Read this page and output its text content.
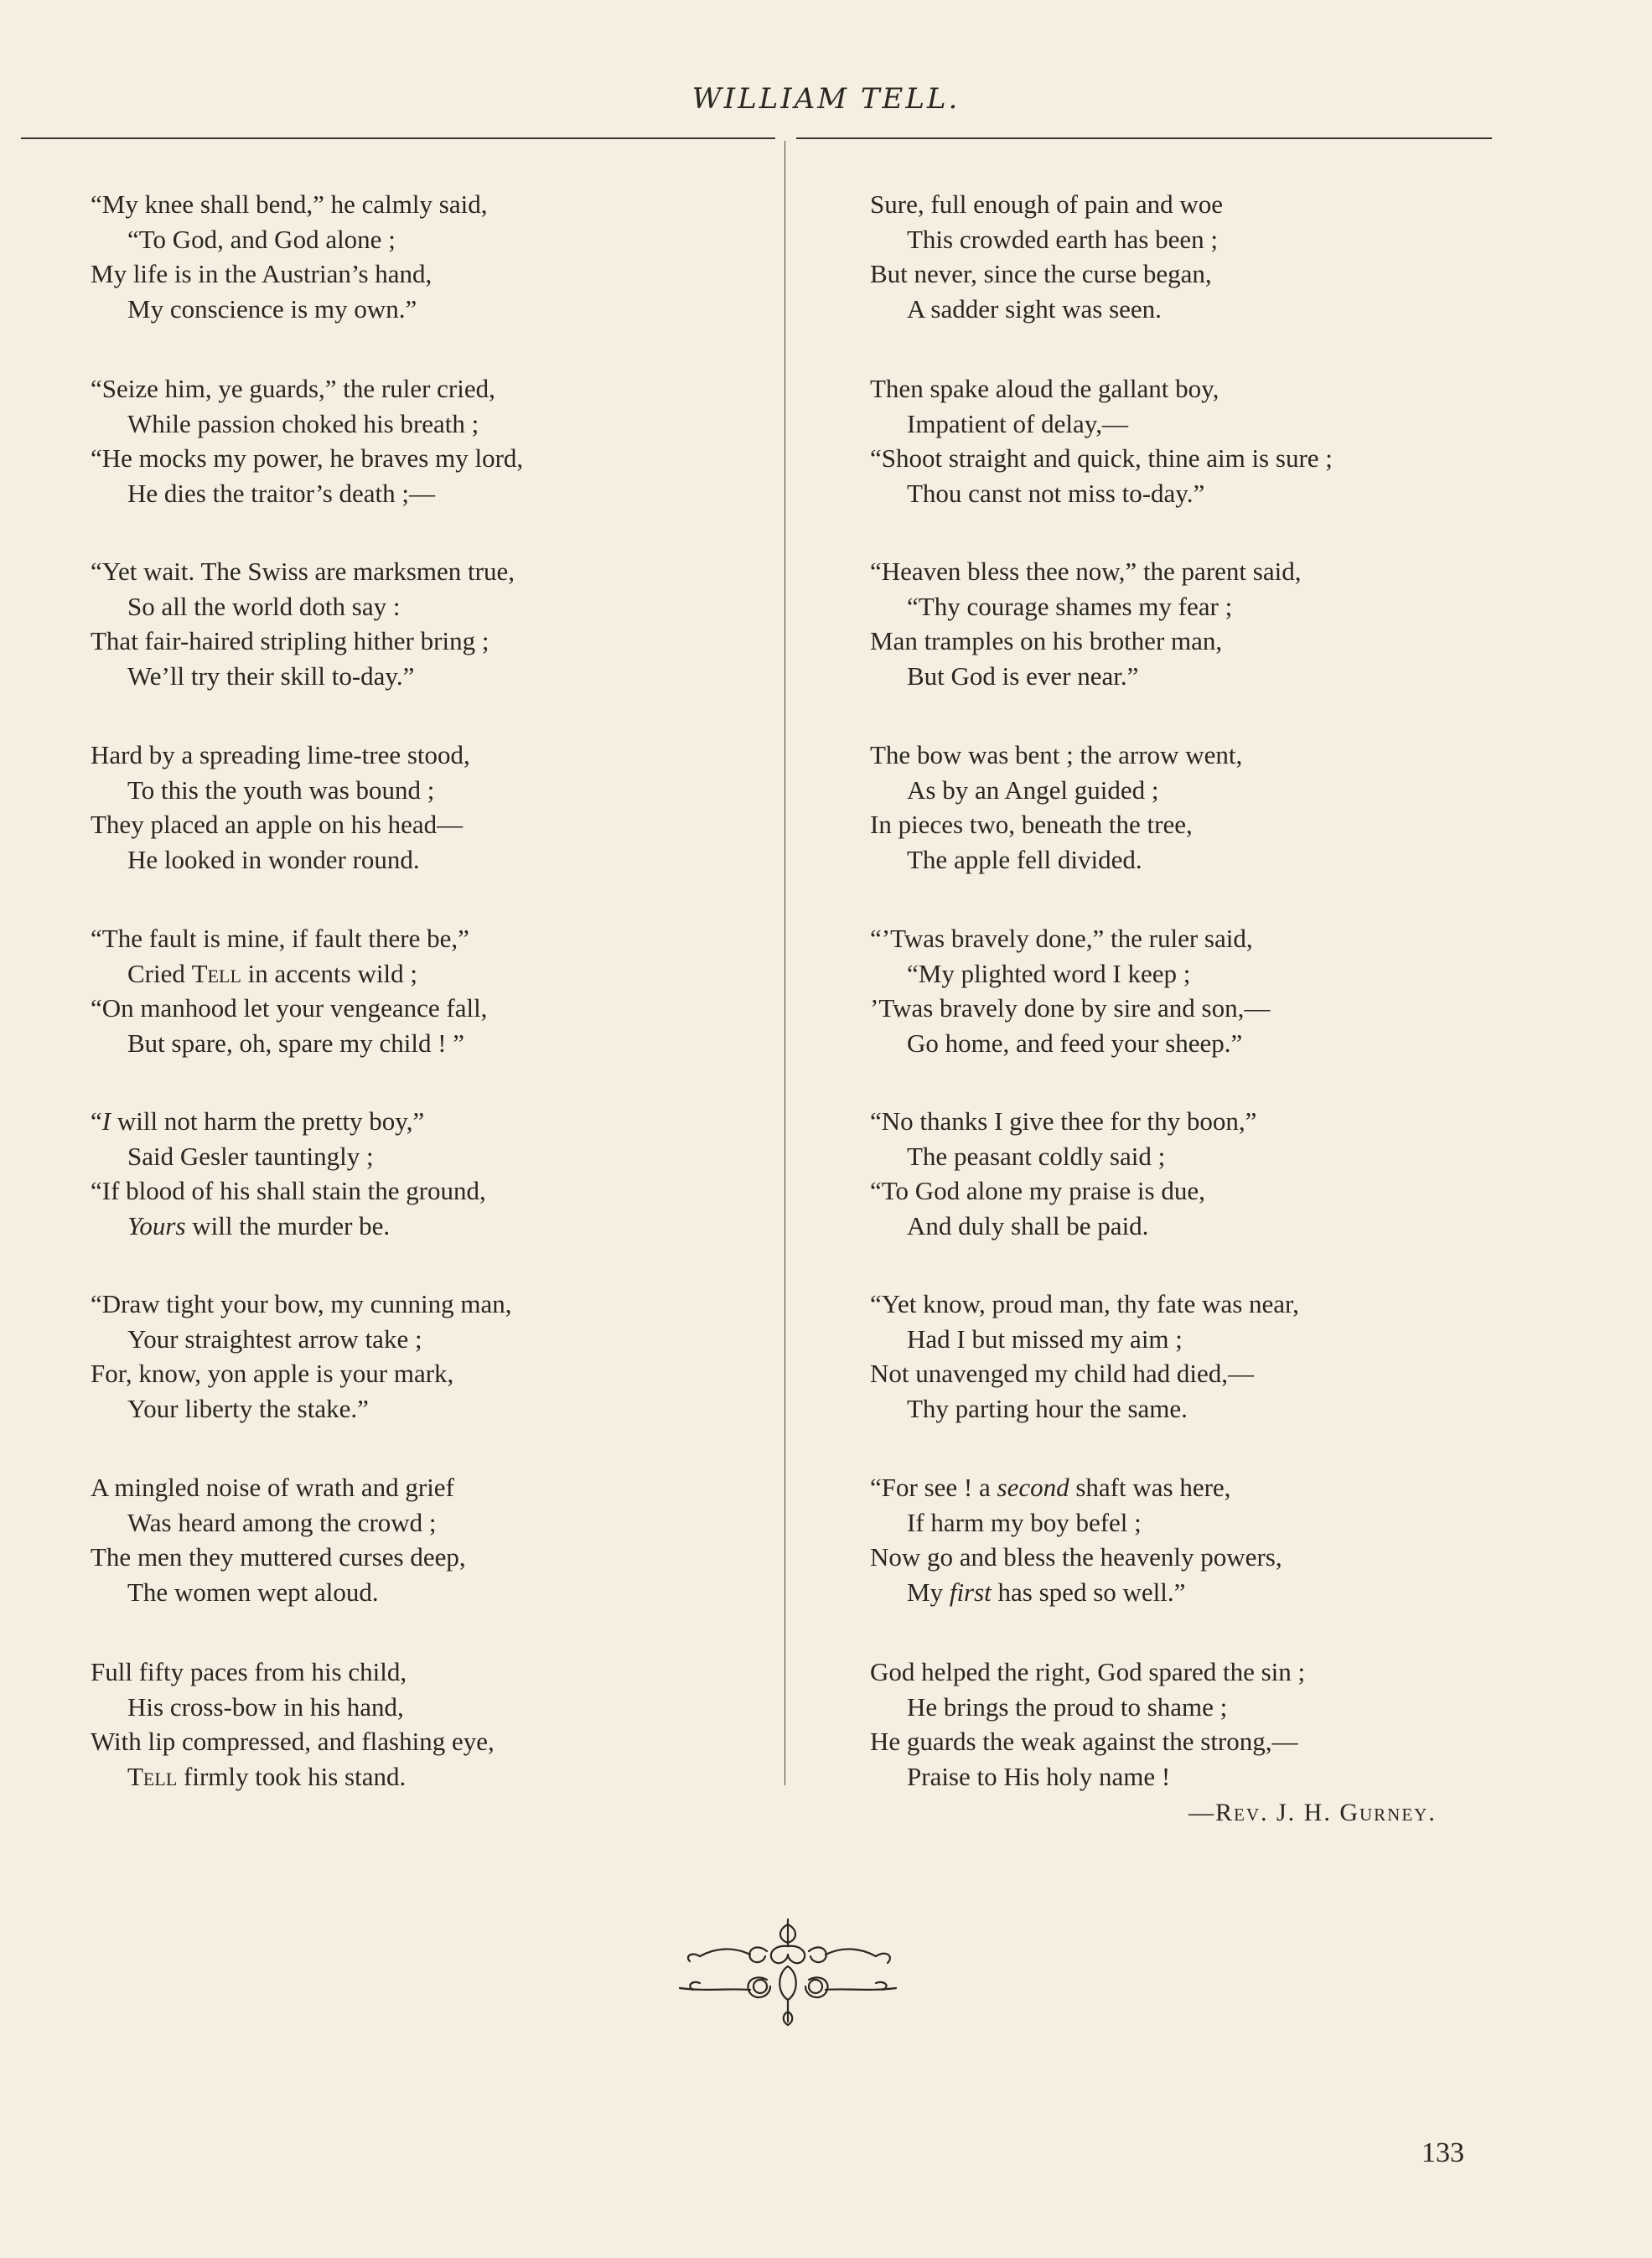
WILLIAM TELL.
“My knee shall bend,” he calmly said,
“To God, and God alone ;
My life is in the Austrian’s hand,
My conscience is my own.”
“Seize him, ye guards,” the ruler cried,
While passion choked his breath ;
“He mocks my power, he braves my lord,
He dies the traitor’s death ;—
“Yet wait. The Swiss are marksmen true,
So all the world doth say :
That fair-haired stripling hither bring ;
We’ll try their skill to-day.”
Hard by a spreading lime-tree stood,
To this the youth was bound ;
They placed an apple on his head—
He looked in wonder round.
“The fault is mine, if fault there be,”
Cried Tell in accents wild ;
“On manhood let your vengeance fall,
But spare, oh, spare my child ! ”
“I will not harm the pretty boy,”
Said Gesler tauntingly ;
“If blood of his shall stain the ground,
Yours will the murder be.
“Draw tight your bow, my cunning man,
Your straightest arrow take ;
For, know, yon apple is your mark,
Your liberty the stake.”
A mingled noise of wrath and grief
Was heard among the crowd ;
The men they muttered curses deep,
The women wept aloud.
Full fifty paces from his child,
His cross-bow in his hand,
With lip compressed, and flashing eye,
Tell firmly took his stand.
Sure, full enough of pain and woe
This crowded earth has been ;
But never, since the curse began,
A sadder sight was seen.
Then spake aloud the gallant boy,
Impatient of delay,—
“Shoot straight and quick, thine aim is sure ;
Thou canst not miss to-day.”
“Heaven bless thee now,” the parent said,
“Thy courage shames my fear ;
Man tramples on his brother man,
But God is ever near.”
The bow was bent ; the arrow went,
As by an Angel guided ;
In pieces two, beneath the tree,
The apple fell divided.
“’Twas bravely done,” the ruler said,
“My plighted word I keep ;
’Twas bravely done by sire and son,—
Go home, and feed your sheep.”
“No thanks I give thee for thy boon,”
The peasant coldly said ;
“To God alone my praise is due,
And duly shall be paid.
“Yet know, proud man, thy fate was near,
Had I but missed my aim ;
Not unavenged my child had died,—
Thy parting hour the same.
“For see ! a second shaft was here,
If harm my boy befel ;
Now go and bless the heavenly powers,
My first has sped so well.”
God helped the right, God spared the sin ;
He brings the proud to shame ;
He guards the weak against the strong,—
Praise to His holy name !
—Rev. J. H. Gurney.
133
